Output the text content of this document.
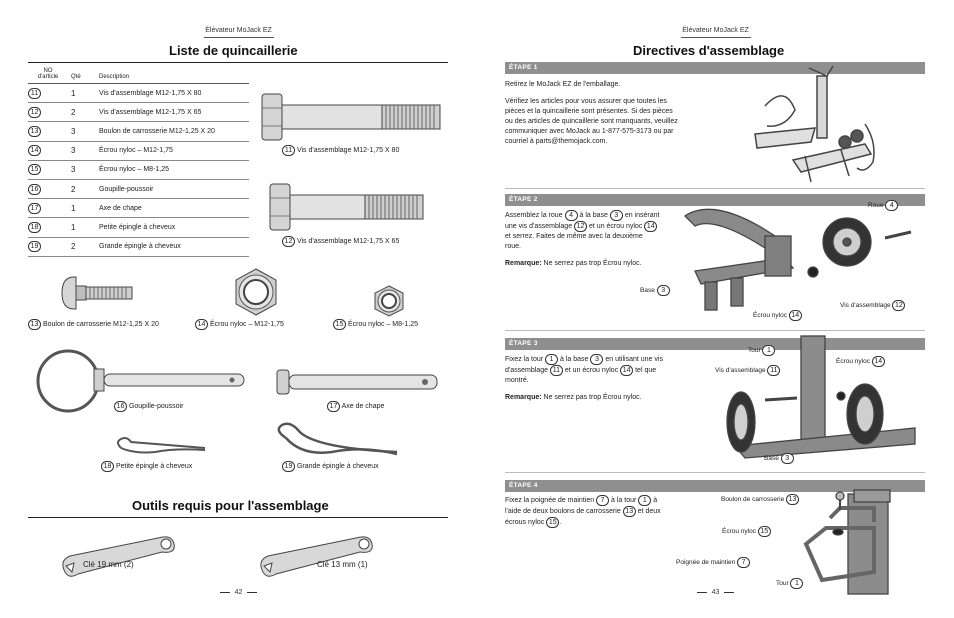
Élévateur MoJack EZ
Liste de quincaillerie
NO
d'article	Qté	Description
11	1	Vis d'assemblage M12-1,75 X 80
12	2	Vis d'assemblage M12-1,75 X 65
13	3	Boulon de carrosserie M12-1,25 X 20
14	3	Écrou nyloc – M12-1,75
15	3	Écrou nyloc – M8-1,25
16	2	Goupille-poussoir
17	1	Axe de chape
18	1	Petite épingle à cheveux
19	2	Grande épingle à cheveux
11 Vis d'assemblage M12-1,75 X 80
12 Vis d'assemblage M12-1,75 X 65
13 Boulon de carrosserie M12-1,25 X 20	14 Écrou nyloc – M12-1,75	15 Écrou nyloc – M8-1,25
16 Goupille-poussoir	17 Axe de chape
18 Petite épingle à cheveux	19 Grande épingle à cheveux
Outils requis pour l'assemblage
Clé 19 mm (2)	Clé 13 mm (1)
42
Élévateur MoJack EZ
Directives d'assemblage
ÉTAPE 1

Retirez le MoJack EZ de l'emballage.

Vérifiez les articles pour vous assurer que toutes les
pièces et la quincaillerie sont présentes. Si des pièces
ou des articles de quincaillerie sont manquants, veuillez
communiquer avec MoJack au 1-877-575-3173 ou par
courriel à parts@themojack.com.
ÉTAPE 2
Assemblez la roue 4 à la base 3 en insérant
une vis d'assemblage 12 et un écrou nyloc 14
et serrez. Faites de même avec la deuxième

roue.

Remarque: Ne serrez pas trop Écrou nyloc.
Roue 4
Base 3
Écrou nyloc 14
Vis d'assemblage 12
ÉTAPE 3
Fixez la tour 1 à la base 3 en utilisant une vis
d'assemblage 11 et un écrou nyloc 14 tel que

montré.

Remarque: Ne serrez pas trop Écrou nyloc.
Tour 1
Vis d'assemblage 11
Écrou nyloc 14
Base 3
ÉTAPE 4
Fixez la poignée de maintien 7 à la tour 1 à
l'aide de deux boulons de carrosserie 13 et deux
écrous nyloc 15 .
Boulon de carrosserie 13
Écrou nyloc 15
Poignée de maintien 7
Tour 1
43
